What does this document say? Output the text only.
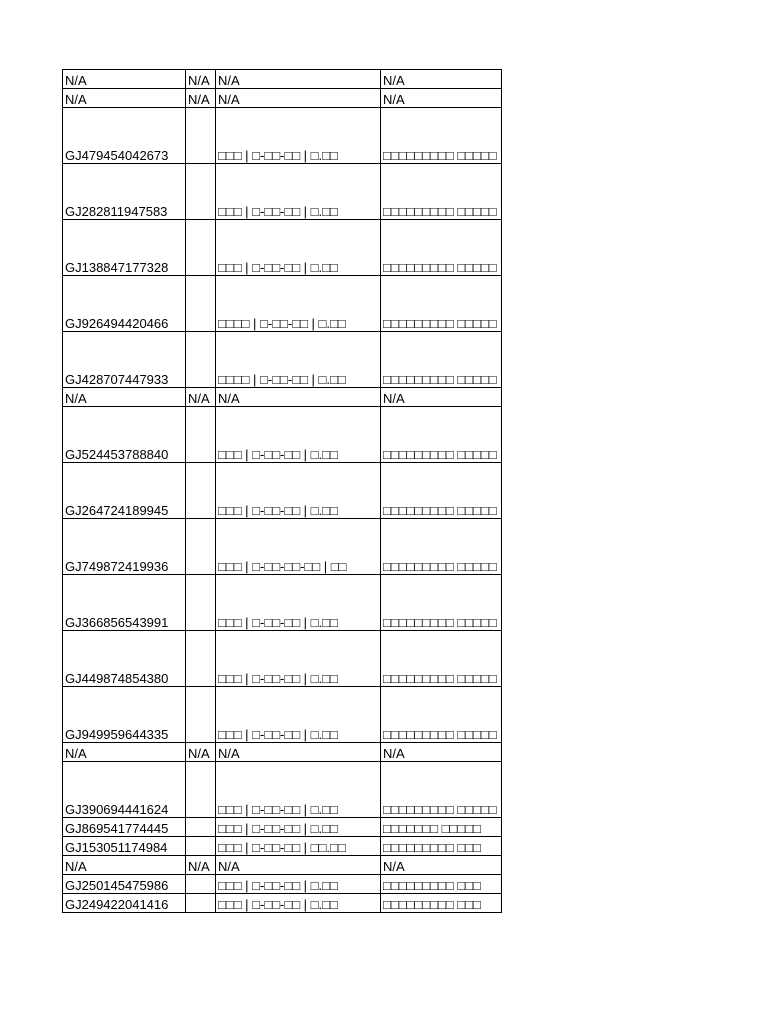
N/A	N/A	N/A	N/A
N/A	N/A	N/A	N/A
GJ479454042673		□□□ | □-□□-□□ | □.□□	□□□□□□□□□ □□□□□
GJ282811947583		□□□ | □-□□-□□ | □.□□	□□□□□□□□□ □□□□□
GJ138847177328		□□□ | □-□□-□□ | □.□□	□□□□□□□□□ □□□□□
GJ926494420466		□□□□ | □-□□-□□ | □.□□	□□□□□□□□□ □□□□□
GJ428707447933		□□□□ | □-□□-□□ | □.□□	□□□□□□□□□ □□□□□
N/A	N/A	N/A	N/A
GJ524453788840		□□□ | □-□□-□□ | □.□□	□□□□□□□□□ □□□□□
GJ264724189945		□□□ | □-□□-□□ | □.□□	□□□□□□□□□ □□□□□
GJ749872419936		□□□ | □-□□-□□-□□ | □□	□□□□□□□□□ □□□□□
GJ366856543991		□□□ | □-□□-□□ | □.□□	□□□□□□□□□ □□□□□
GJ449874854380		□□□ | □-□□-□□ | □.□□	□□□□□□□□□ □□□□□
GJ949959644335		□□□ | □-□□-□□ | □.□□	□□□□□□□□□ □□□□□
N/A	N/A	N/A	N/A
GJ390694441624		□□□ | □-□□-□□ | □.□□	□□□□□□□□□ □□□□□
GJ869541774445		□□□ | □-□□-□□ | □.□□	□□□□□□□ □□□□□
GJ153051174984		□□□ | □-□□-□□ | □□.□□	□□□□□□□□□ □□□
N/A	N/A	N/A	N/A
GJ250145475986		□□□ | □-□□-□□ | □.□□	□□□□□□□□□ □□□
GJ249422041416		□□□ | □-□□-□□ | □.□□	□□□□□□□□□ □□□
